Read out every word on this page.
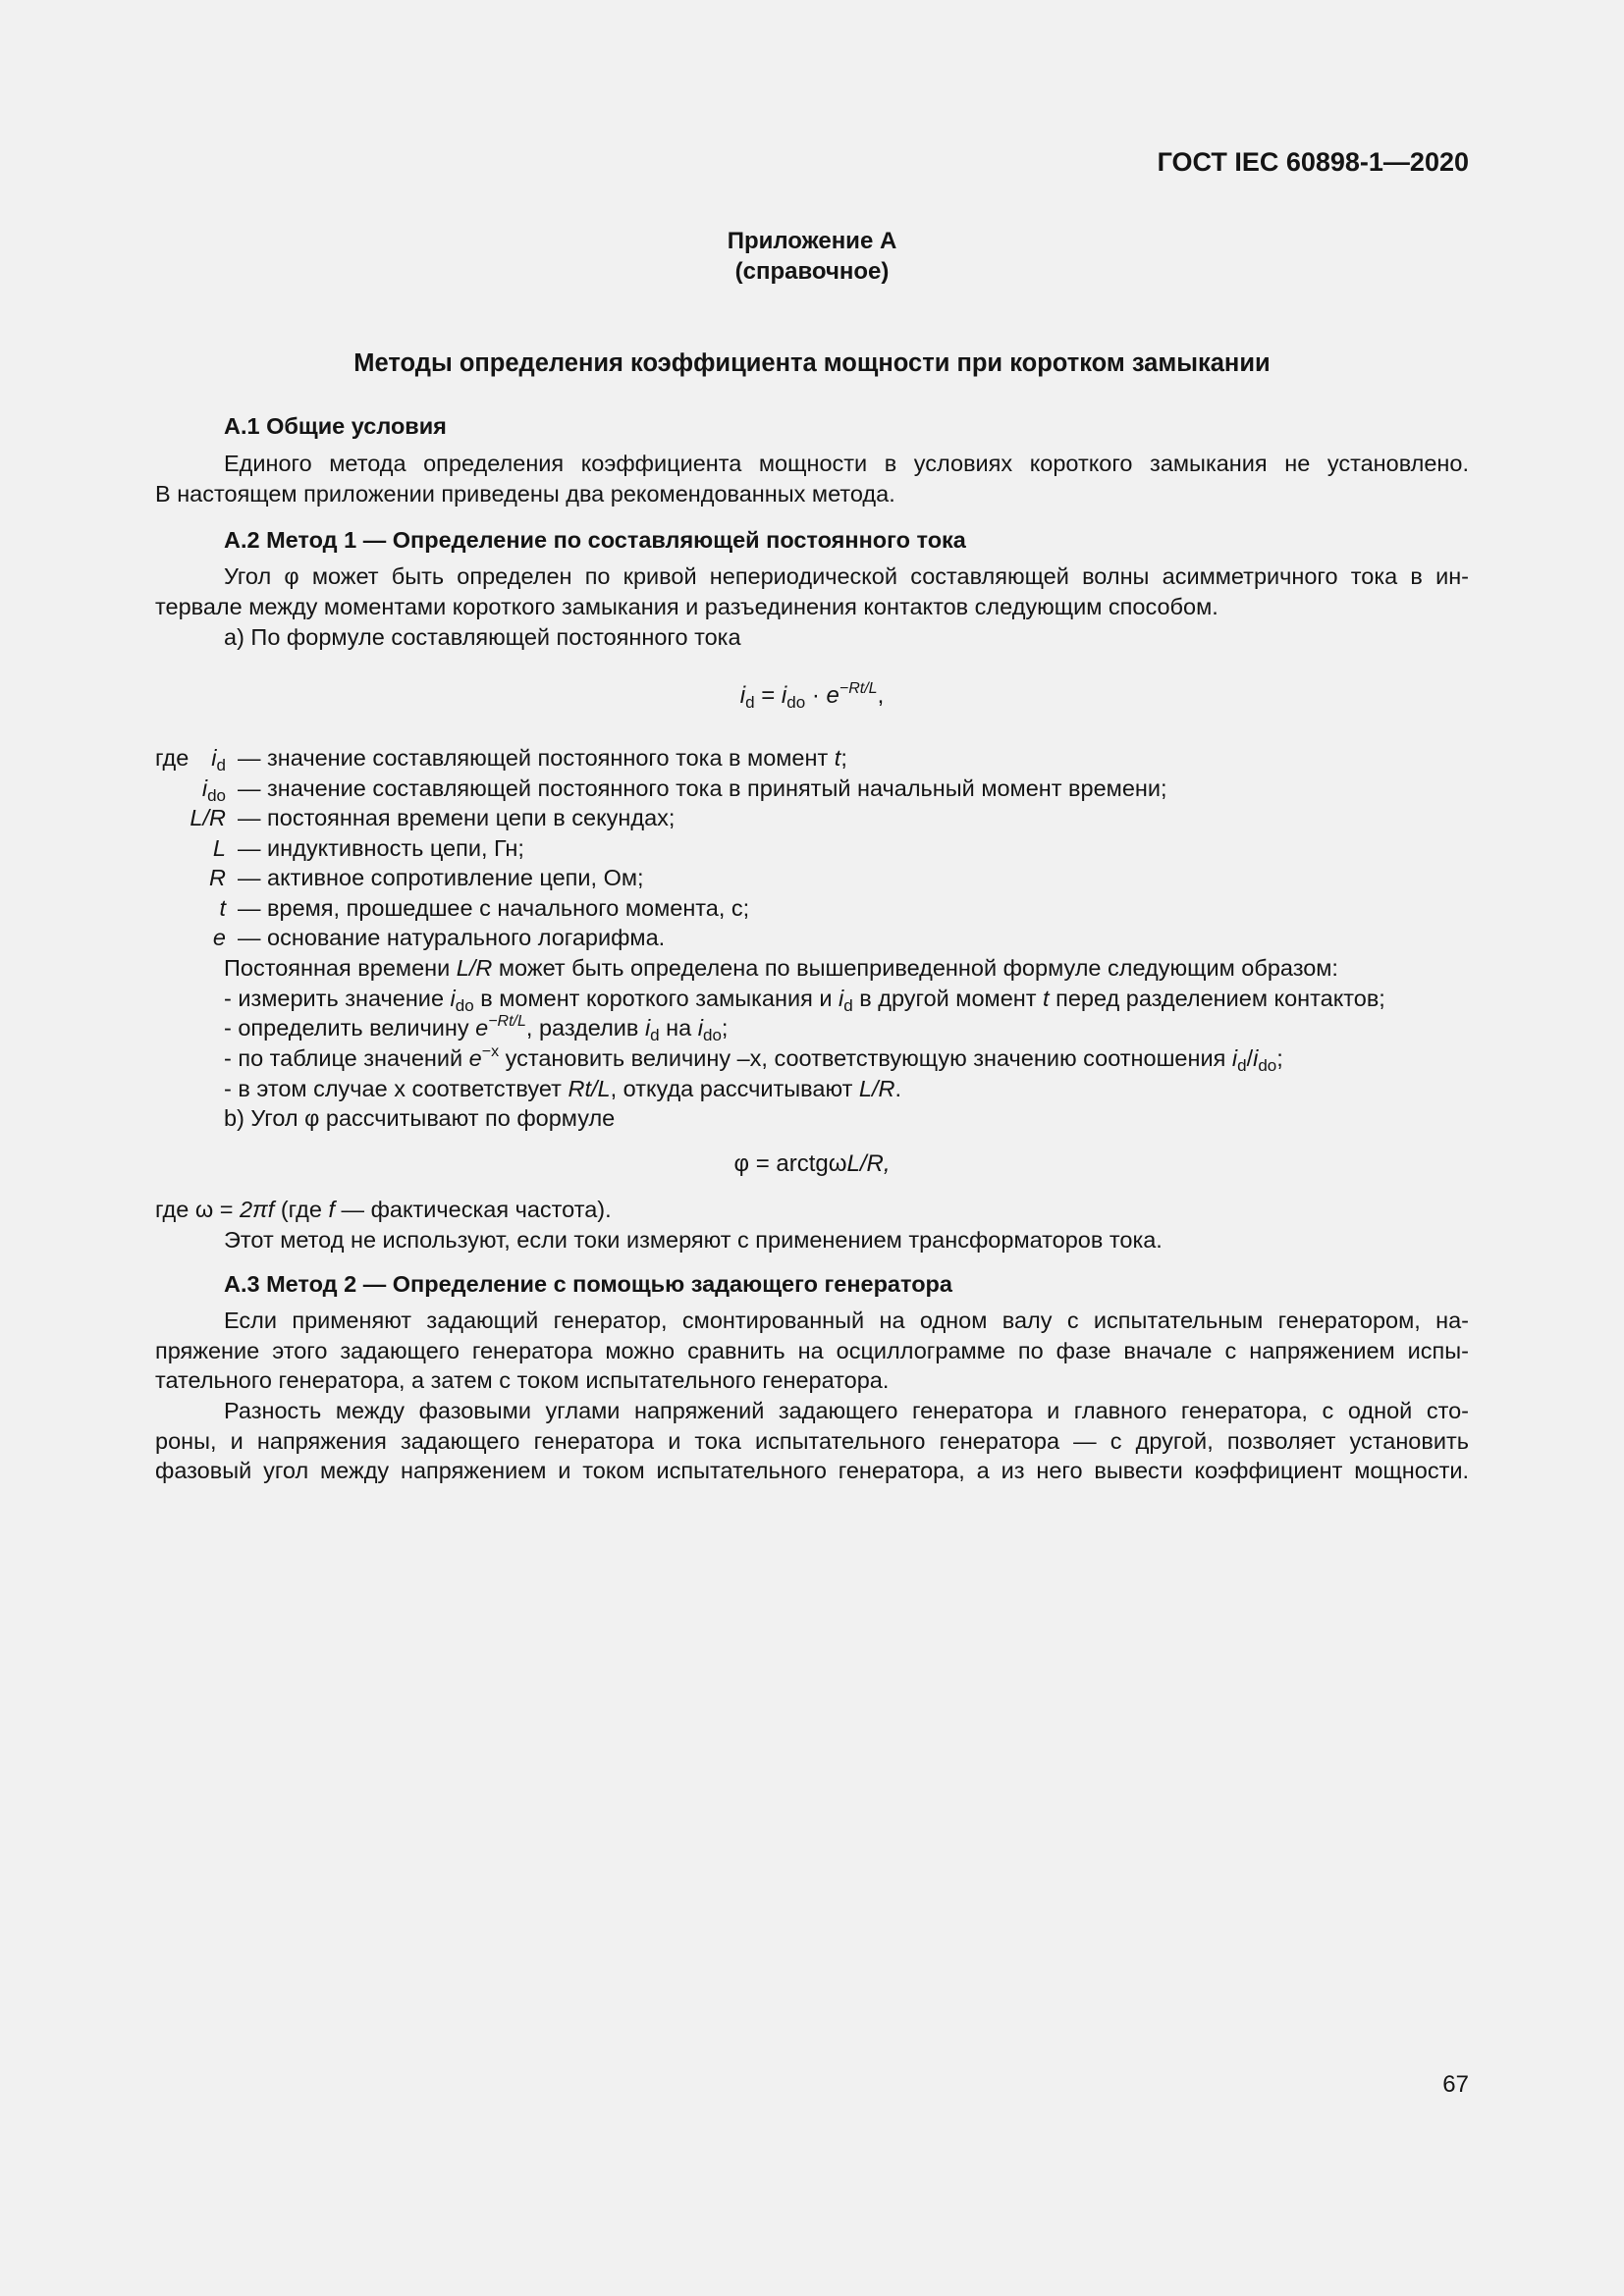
ГОСТ IEC 60898-1—2020
Приложение А
(справочное)
Методы определения коэффициента мощности при коротком замыкании
А.1 Общие условия

Единого метода определения коэффициента мощности в условиях короткого замыкания не установлено.

В настоящем приложении приведены два рекомендованных метода.

А.2 Метод 1 — Определение по составляющей постоянного тока

Угол φ может быть определен по кривой непериодической составляющей волны асимметричного тока в ин-

тервале между моментами короткого замыкания и разъединения контактов следующим способом.

а) По формуле составляющей постоянного тока
$i_d = i_{do} \cdot e^{-Rt/L}$,
где $i_d$ — значение составляющей постоянного тока в момент t;
$i_{do}$ — значение составляющей постоянного тока в принятый начальный момент времени;
L/R — постоянная времени цепи в секундах;
L — индуктивность цепи, Гн;
R — активное сопротивление цепи, Ом;
t — время, прошедшее с начального момента, с;
e — основание натурального логарифма.
Постоянная времени L/R может быть определена по вышеприведенной формуле следующим образом:
- измерить значение $i_{do}$ в момент короткого замыкания и $i_d$ в другой момент t перед разделением контактов;
- определить величину $e^{-Rt/L}$, разделив $i_d$ на $i_{do}$;
- по таблице значений $e^{-x}$ установить величину –x, соответствующую значению соотношения $i_d/i_{do}$;
- в этом случае x соответствует Rt/L, откуда рассчитывают L/R.
b) Угол φ рассчитывают по формуле
φ = arctgωL/R,
где ω = 2πf (где f — фактическая частота).
Этот метод не используют, если токи измеряют с применением трансформаторов тока.
А.3 Метод 2 — Определение с помощью задающего генератора

Если применяют задающий генератор, смонтированный на одном валу с испытательным генератором, на-

пряжение этого задающего генератора можно сравнить на осциллограмме по фазе вначале с напряжением испы-

тательного генератора, а затем с током испытательного генератора.

Разность между фазовыми углами напряжений задающего генератора и главного генератора, с одной сто-

роны, и напряжения задающего генератора и тока испытательного генератора — с другой, позволяет установить

фазовый угол между напряжением и током испытательного генератора, а из него вывести коэффициент мощности.

67
